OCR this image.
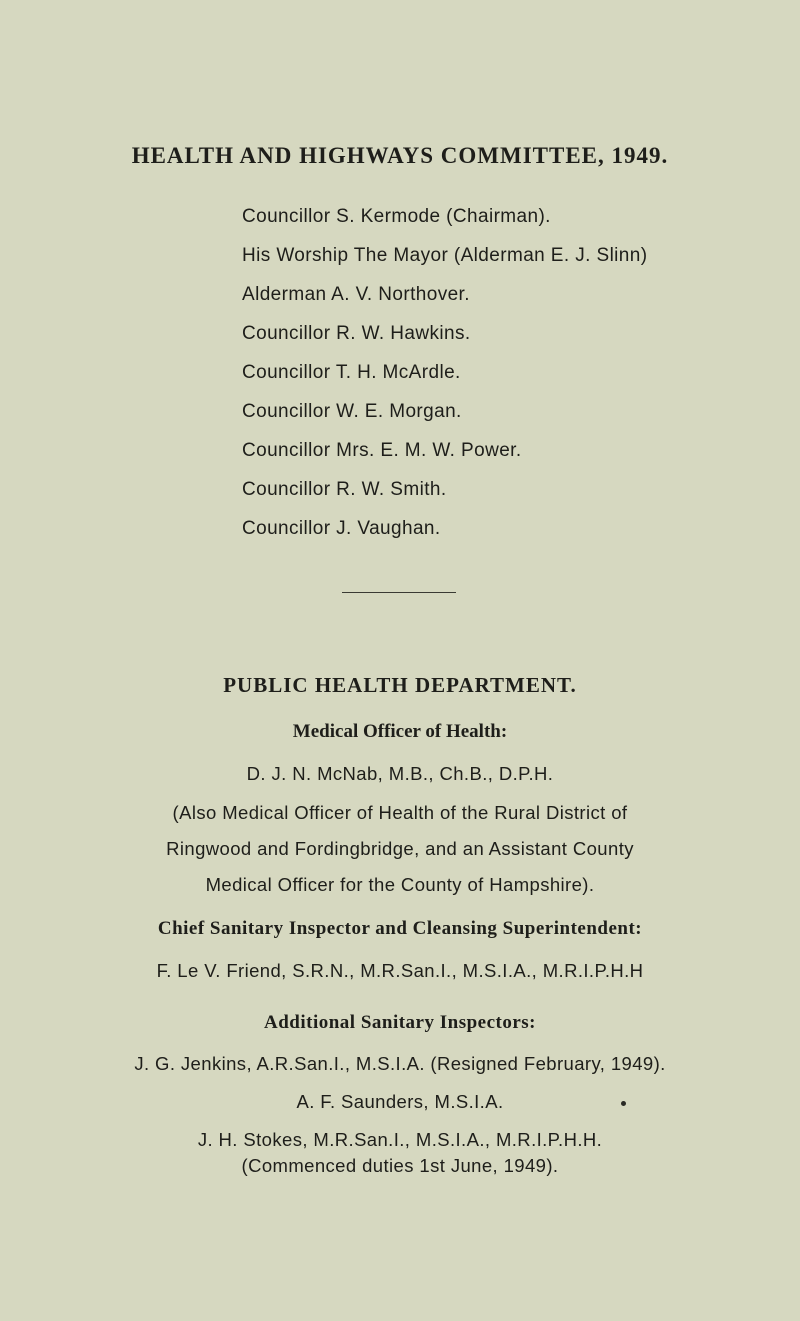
HEALTH AND HIGHWAYS COMMITTEE, 1949.
Councillor S. Kermode (Chairman).
His Worship The Mayor (Alderman E. J. Slinn)
Alderman A. V. Northover.
Councillor R. W. Hawkins.
Councillor T. H. McArdle.
Councillor W. E. Morgan.
Councillor Mrs. E. M. W. Power.
Councillor R. W. Smith.
Councillor J. Vaughan.
PUBLIC HEALTH DEPARTMENT.
Medical Officer of Health:
D. J. N. McNab, M.B., Ch.B., D.P.H.
(Also Medical Officer of Health of the Rural District of
Ringwood and Fordingbridge, and an Assistant County
Medical Officer for the County of Hampshire).
Chief Sanitary Inspector and Cleansing Superintendent:
F. Le V. Friend, S.R.N., M.R.San.I., M.S.I.A., M.R.I.P.H.H
Additional Sanitary Inspectors:
J. G. Jenkins, A.R.San.I., M.S.I.A. (Resigned February, 1949).
A. F. Saunders, M.S.I.A.
J. H. Stokes, M.R.San.I., M.S.I.A., M.R.I.P.H.H.
(Commenced duties 1st June, 1949).
